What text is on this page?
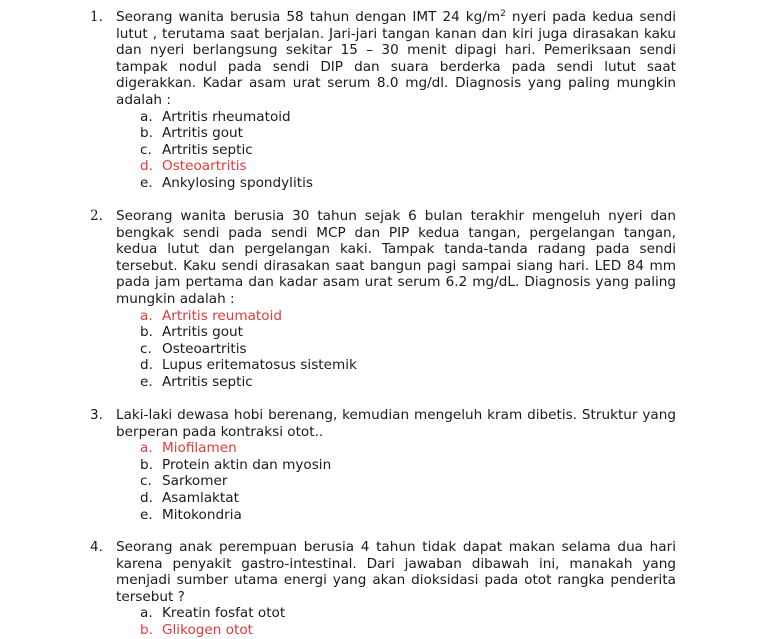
1. Seorang wanita berusia 58 tahun dengan IMT 24 $kg/m^2$ nyeri pada kedua sendi lutut , terutama saat berjalan. Jari-jari tangan kanan dan kiri juga dirasakan kaku dan nyeri berlangsung sekitar 15 – 30 menit dipagi hari. Pemeriksaan sendi tampak nodul pada sendi DIP dan suara berderka pada sendi lutut saat digerakkan. Kadar asam urat serum 8.0 mg/dl. Diagnosis yang paling mungkin adalah :
a. Artritis rheumatoid
b. Artritis gout
c. Artritis septic
d. Osteoartritis
e. Ankylosing spondylitis
2. Seorang wanita berusia 30 tahun sejak 6 bulan terakhir mengeluh nyeri dan bengkak sendi pada sendi MCP dan PIP kedua tangan, pergelangan tangan, kedua lutut dan pergelangan kaki. Tampak tanda-tanda radang pada sendi tersebut. Kaku sendi dirasakan saat bangun pagi sampai siang hari. LED 84 mm pada jam pertama dan kadar asam urat serum 6.2 mg/dL. Diagnosis yang paling mungkin adalah :
a. Artritis reumatoid
b. Artritis gout
c. Osteoartritis
d. Lupus eritematosus sistemik
e. Artritis septic
3. Laki-laki dewasa hobi berenang, kemudian mengeluh kram dibetis. Struktur yang berperan pada kontraksi otot..
a. Miofilamen
b. Protein aktin dan myosin
c. Sarkomer
d. Asamlaktat
e. Mitokondria
4. Seorang anak perempuan berusia 4 tahun tidak dapat makan selama dua hari karena penyakit gastro-intestinal. Dari jawaban dibawah ini, manakah yang menjadi sumber utama energi yang akan dioksidasi pada otot rangka penderita tersebut ?
a. Kreatin fosfat otot
b. Glikogen otot
